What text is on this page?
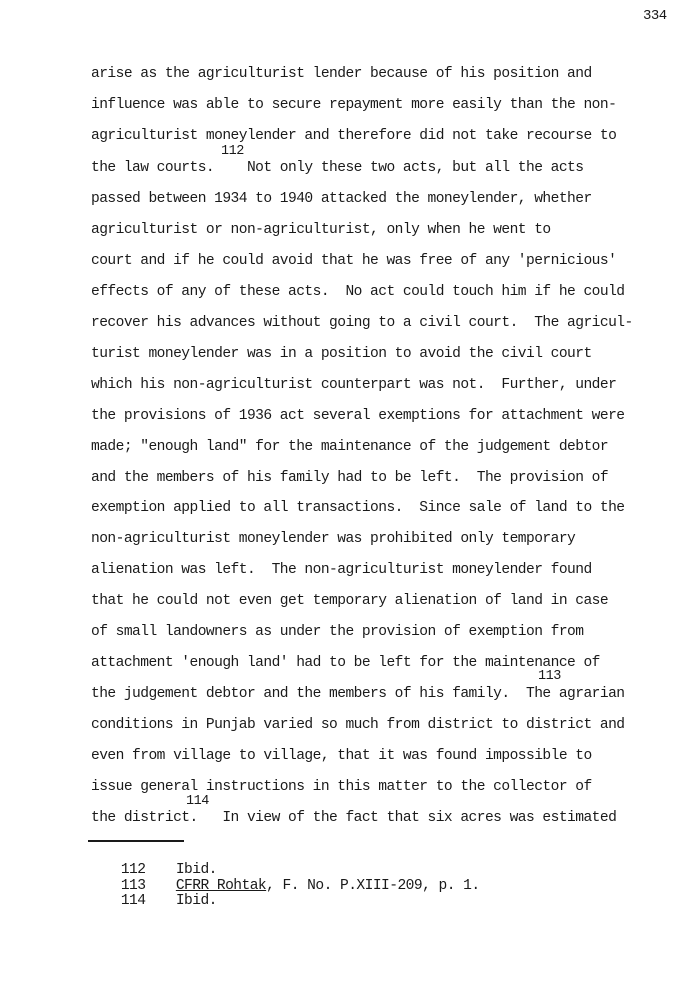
334
arise as the agriculturist lender because of his position and
influence was able to secure repayment more easily than the non-
agriculturist moneylender and therefore did not take recourse to
112
the law courts.    Not only these two acts, but all the acts
passed between 1934 to 1940 attacked the moneylender, whether
agriculturist or non-agriculturist, only when he went to
court and if he could avoid that he was free of any 'pernicious'
effects of any of these acts.  No act could touch him if he could
recover his advances without going to a civil court.  The agricul-
turist moneylender was in a position to avoid the civil court
which his non-agriculturist counterpart was not.  Further, under
the provisions of 1936 act several exemptions for attachment were
made; "enough land" for the maintenance of the judgement debtor
and the members of his family had to be left.  The provision of
exemption applied to all transactions.  Since sale of land to the
non-agriculturist moneylender was prohibited only temporary
alienation was left.  The non-agriculturist moneylender found
that he could not even get temporary alienation of land in case
of small landowners as under the provision of exemption from
attachment 'enough land' had to be left for the maintenance of
113
the judgement debtor and the members of his family.  The agrarian
conditions in Punjab varied so much from district to district and
even from village to village, that it was found impossible to
issue general instructions in this matter to the collector of
114
the district.   In view of the fact that six acres was estimated

112 Ibid.

113 CFRR Rohtak, F. No. P.XIII-209, p. 1.

114 Ibid.
